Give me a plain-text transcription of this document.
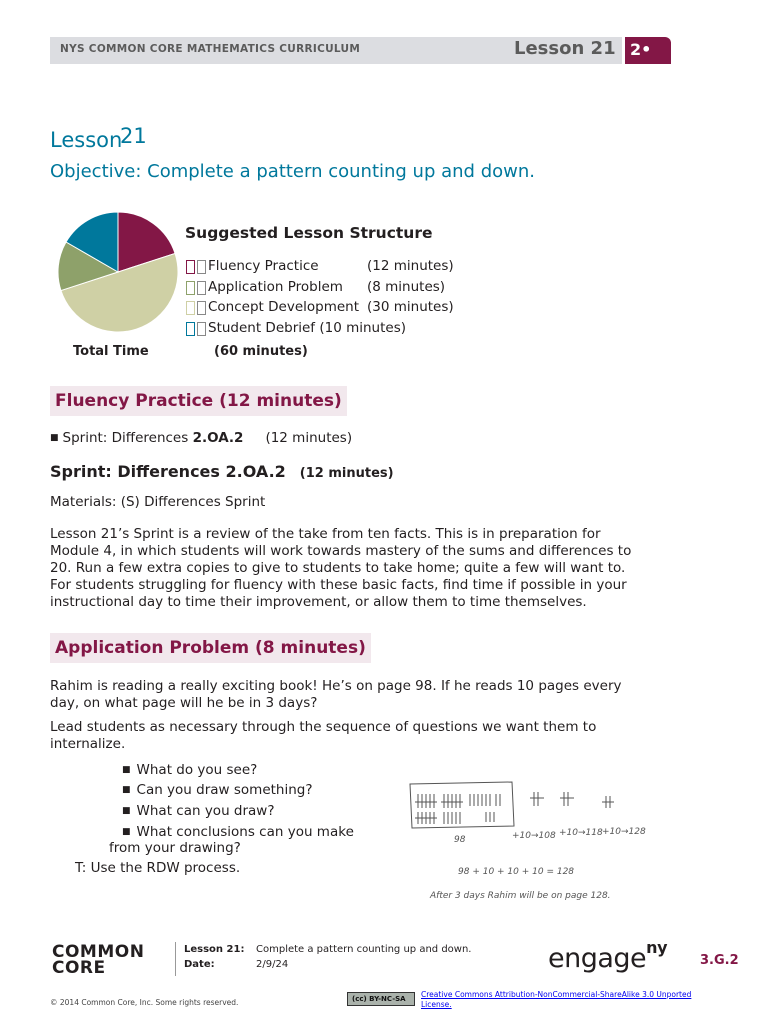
NYS COMMON CORE MATHEMATICS CURRICULUM	Lesson 21 2•
Lesson
21
Objective: Complete a pattern counting up and down.
Total Time	(60 minutes)
Suggested Lesson Structure
Fluency Practice	(12 minutes)
Application Problem (8 minutes)
Concept Development (30 minutes)
Student Debrief (10 minutes)
Fluency Practice (12 minutes)
■ Sprint: Differences 2.OA.2 (12 minutes)
Sprint: Differences 2.OA.2 (12 minutes)
Materials: (S) Differences Sprint
Lesson 21’s Sprint is a review of the take from ten facts. This is in preparation for
Module 4, in which students will work towards mastery of the sums and differences to
20. Run a few extra copies to give to students to take home; quite a few will want to.
For students struggling for fluency with these basic facts, find time if possible in your
instructional day to time their improvement, or allow them to time themselves.
Application Problem (8 minutes)
Rahim is reading a really exciting book! He’s on page 98. If he reads 10 pages every
day, on what page will he be in 3 days?
Lead students as necessary through the sequence of questions we want them to
internalize.
■ What do you see?
■ Can you draw something?
■ What can you draw?
■ What conclusions can you make
from your drawing?
T: Use the RDW process.
98	+10→108 +10→118 +10→128
98 + 10 + 10 + 10 = 128
After 3 days Rahim will be on page 128.
COMMON
CORE
Lesson 21: Complete a pattern counting up and down.
Date:	2/9/24	engage$^{ny}$
3.G.2
© 2014 Common Core, Inc. Some rights reserved.	(cc) BY-NC-SA	Creative Commons Attribution-NonCommercial-ShareAlike 3.0 Unported License.
